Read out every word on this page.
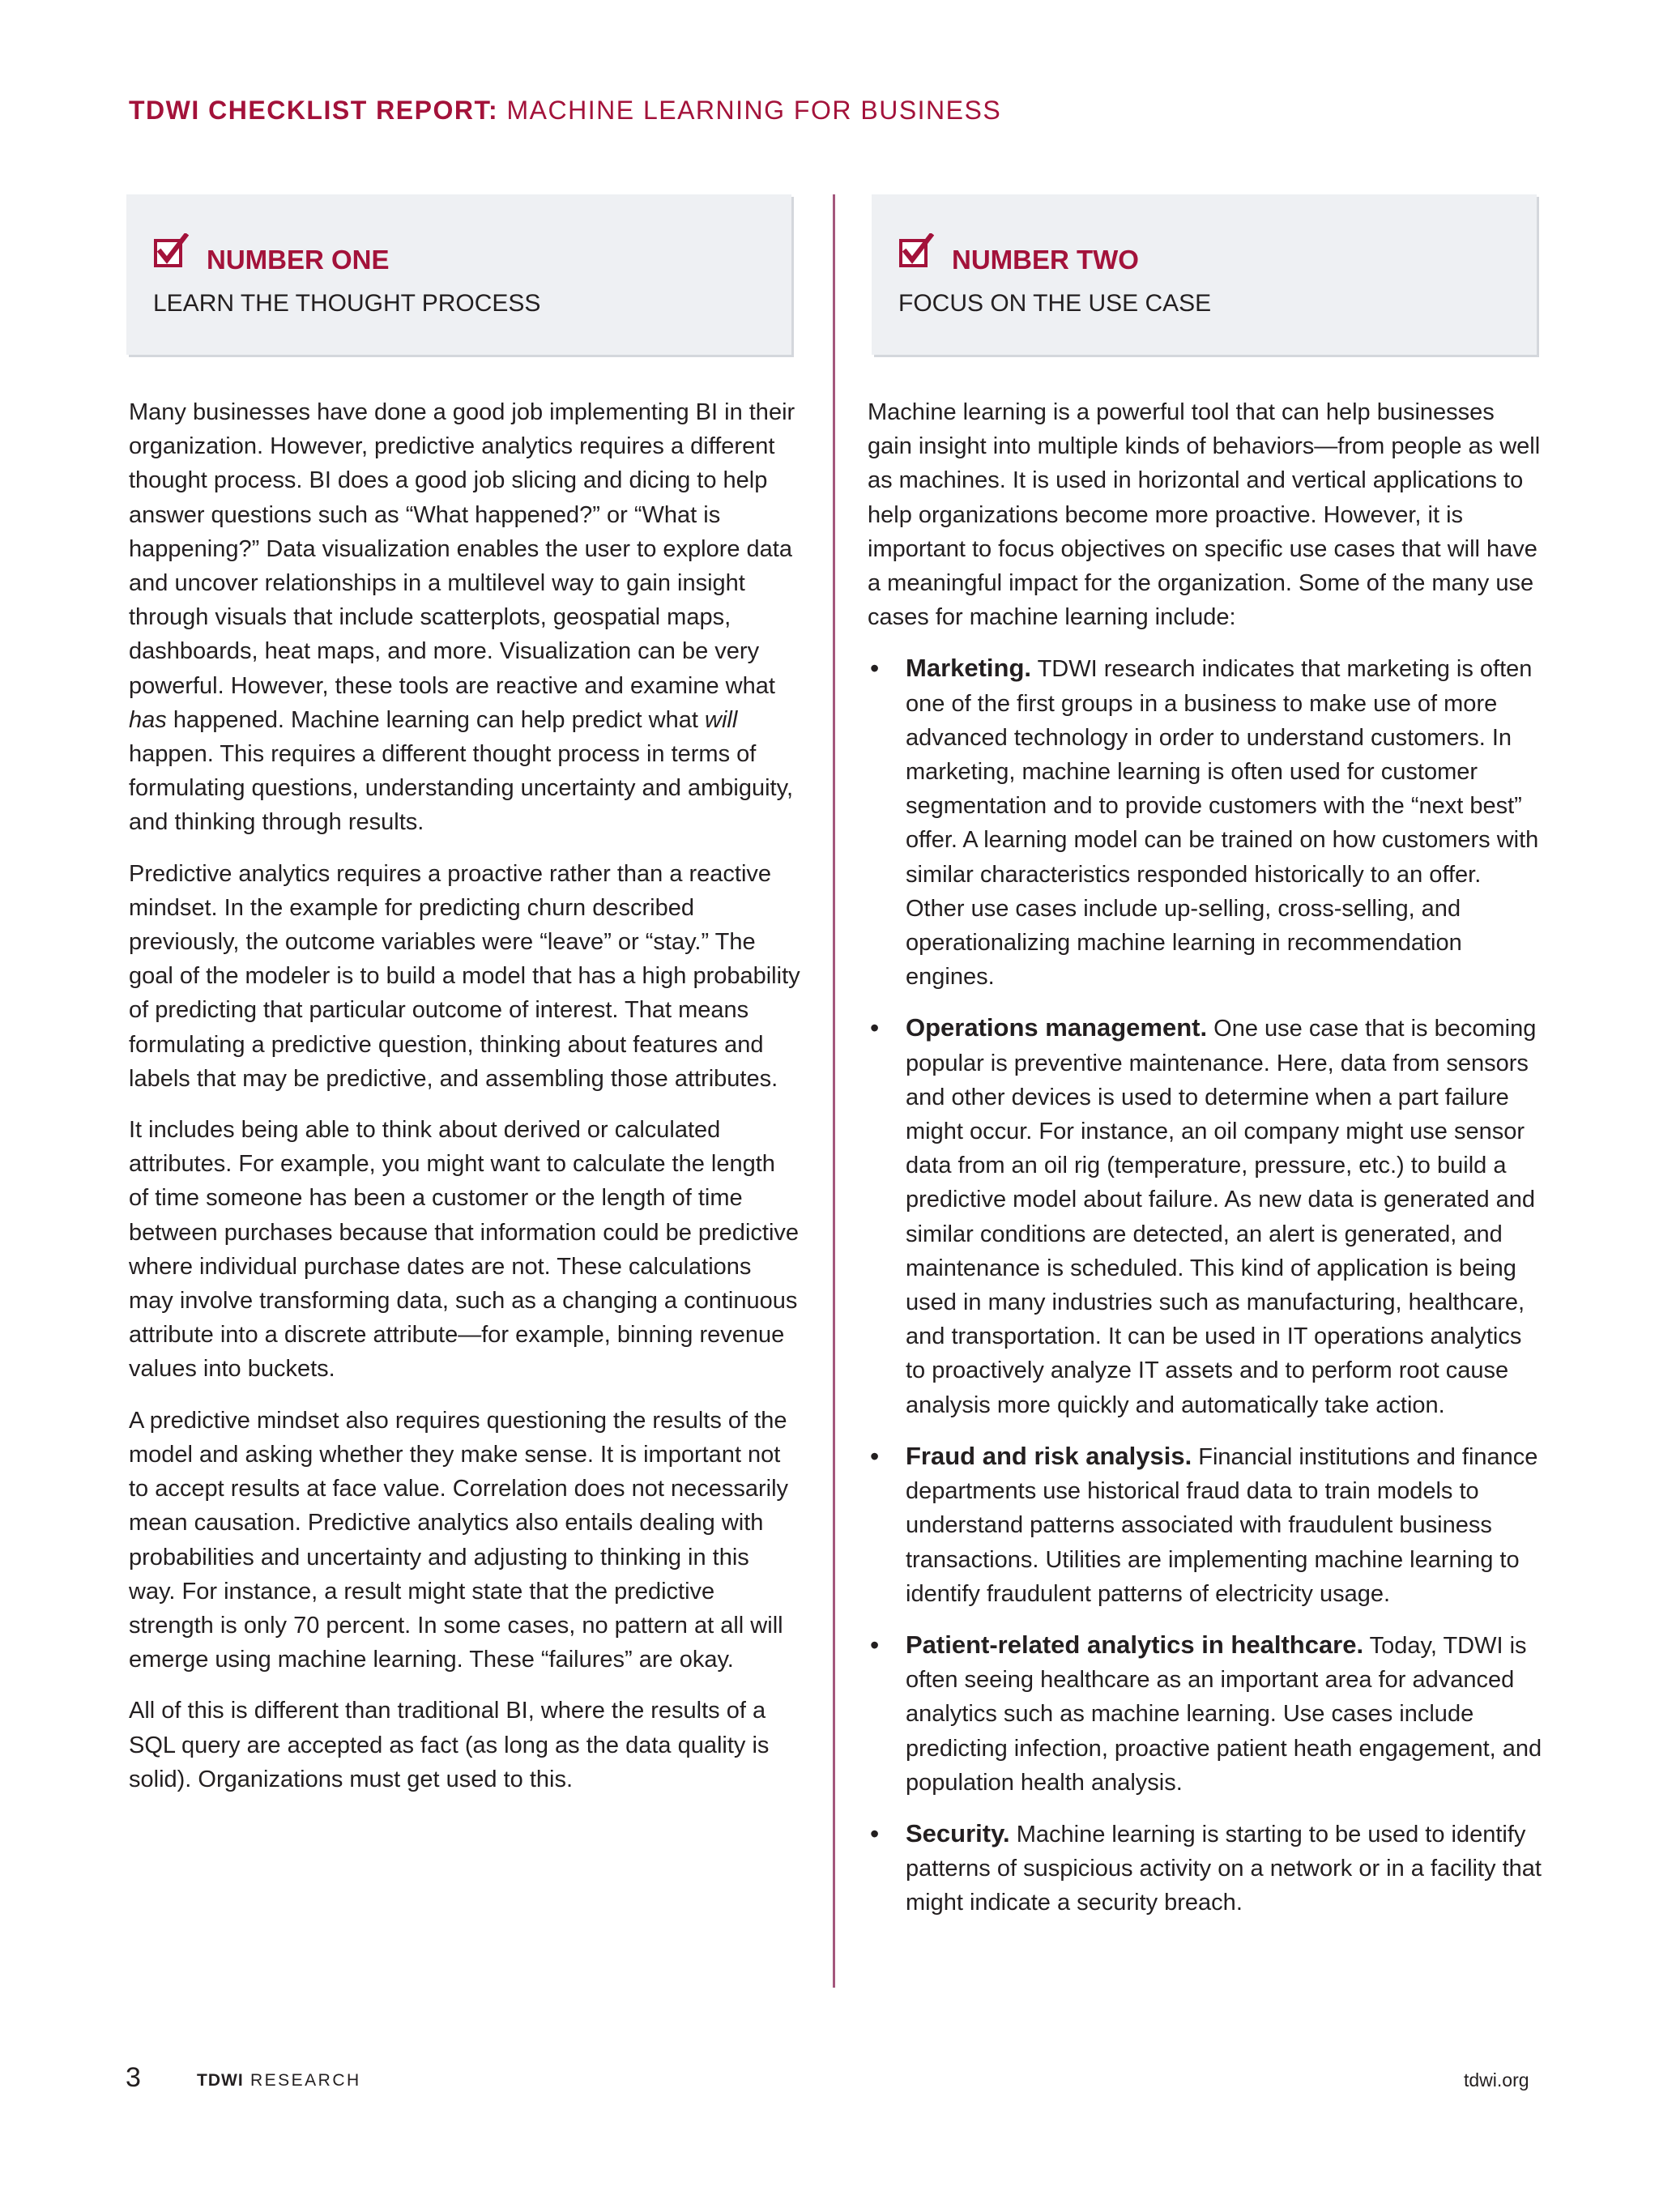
TDWI CHECKLIST REPORT: MACHINE LEARNING FOR BUSINESS
NUMBER ONE
LEARN THE THOUGHT PROCESS
NUMBER TWO
FOCUS ON THE USE CASE

Many businesses have done a good job implementing BI in their organization. However, predictive analytics requires a different thought process. BI does a good job slicing and dicing to help answer questions such as “What happened?” or “What is happening?” Data visualization enables the user to explore data and uncover relationships in a multilevel way to gain insight through visuals that include scatterplots, geospatial maps, dashboards, heat maps, and more. Visualization can be very powerful. However, these tools are reactive and examine what has happened. Machine learning can help predict what will happen. This requires a different thought process in terms of formulating questions, understanding uncertainty and ambiguity, and thinking through results.

Predictive analytics requires a proactive rather than a reactive mindset. In the example for predicting churn described previously, the outcome variables were “leave” or “stay.” The goal of the modeler is to build a model that has a high probability of predicting that particular outcome of interest. That means formulating a predictive question, thinking about features and labels that may be predictive, and assembling those attributes.

It includes being able to think about derived or calculated attributes. For example, you might want to calculate the length of time someone has been a customer or the length of time between purchases because that information could be predictive where individual purchase dates are not. These calculations may involve transforming data, such as a changing a continuous attribute into a discrete attribute—for example, binning revenue values into buckets.

A predictive mindset also requires questioning the results of the model and asking whether they make sense. It is important not to accept results at face value. Correlation does not necessarily mean causation. Predictive analytics also entails dealing with probabilities and uncertainty and adjusting to thinking in this way. For instance, a result might state that the predictive strength is only 70 percent. In some cases, no pattern at all will emerge using machine learning. These “failures” are okay.

All of this is different than traditional BI, where the results of a SQL query are accepted as fact (as long as the data quality is solid). Organizations must get used to this.

Machine learning is a powerful tool that can help businesses gain insight into multiple kinds of behaviors—from people as well as machines. It is used in horizontal and vertical applications to help organizations become more proactive. However, it is important to focus objectives on specific use cases that will have a meaningful impact for the organization. Some of the many use cases for machine learning include:

• Marketing. TDWI research indicates that marketing is often one of the first groups in a business to make use of more advanced technology in order to understand customers. In marketing, machine learning is often used for customer segmentation and to provide customers with the “next best” offer. A learning model can be trained on how customers with similar characteristics responded historically to an offer. Other use cases include up-selling, cross-selling, and operationalizing machine learning in recommendation engines.
• Operations management. One use case that is becoming popular is preventive maintenance. Here, data from sensors and other devices is used to determine when a part failure might occur. For instance, an oil company might use sensor data from an oil rig (temperature, pressure, etc.) to build a predictive model about failure. As new data is generated and similar conditions are detected, an alert is generated, and maintenance is scheduled. This kind of application is being used in many industries such as manufacturing, healthcare, and transportation. It can be used in IT operations analytics to proactively analyze IT assets and to perform root cause analysis more quickly and automatically take action.
• Fraud and risk analysis. Financial institutions and finance departments use historical fraud data to train models to understand patterns associated with fraudulent business transactions. Utilities are implementing machine learning to identify fraudulent patterns of electricity usage.
• Patient-related analytics in healthcare. Today, TDWI is often seeing healthcare as an important area for advanced analytics such as machine learning. Use cases include predicting infection, proactive patient heath engagement, and population health analysis.
• Security. Machine learning is starting to be used to identify patterns of suspicious activity on a network or in a facility that might indicate a security breach.
3	TDWI RESEARCH	tdwi.org
